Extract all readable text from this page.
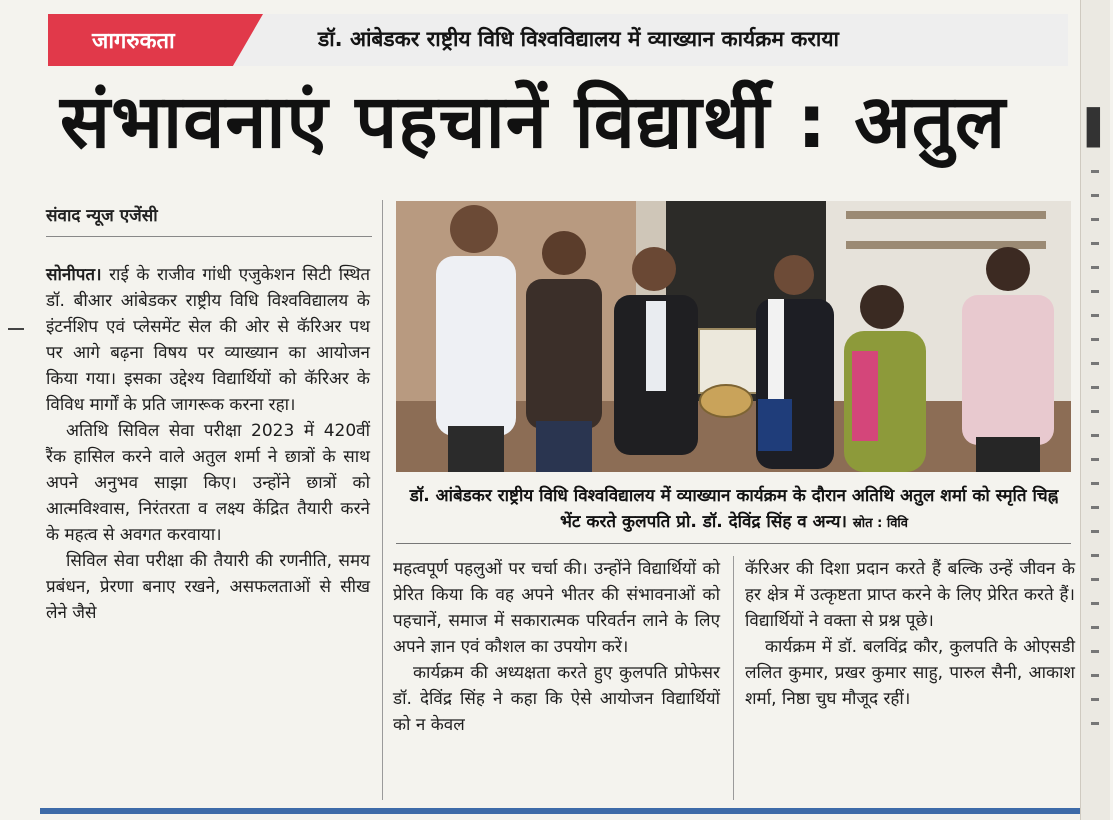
जागरुकता	डॉ. आंबेडकर राष्ट्रीय विधि विश्वविद्यालय में व्याख्यान कार्यक्रम कराया
संभावनाएं पहचानें विद्यार्थी : अतुल
संवाद न्यूज एजेंसी

सोनीपत। राई के राजीव गांधी एजुकेशन सिटी स्थित डॉ. बीआर आंबेडकर राष्ट्रीय विधि विश्वविद्यालय के इंटर्नशिप एवं प्लेसमेंट सेल की ओर से कॅरिअर पथ पर आगे बढ़ना विषय पर व्याख्यान का आयोजन किया गया। इसका उद्देश्य विद्यार्थियों को कॅरिअर के विविध मार्गों के प्रति जागरूक करना रहा।

अतिथि सिविल सेवा परीक्षा 2023 में 420वीं रैंक हासिल करने वाले अतुल शर्मा ने छात्रों के साथ अपने अनुभव साझा किए। उन्होंने छात्रों को आत्मविश्वास, निरंतरता व लक्ष्य केंद्रित तैयारी करने के महत्व से अवगत करवाया।

सिविल सेवा परीक्षा की तैयारी की रणनीति, समय प्रबंधन, प्रेरणा बनाए रखने, असफलताओं से सीख लेने जैसे

डॉ. आंबेडकर राष्ट्रीय विधि विश्वविद्यालय में व्याख्यान कार्यक्रम के दौरान अतिथि अतुल शर्मा को स्मृति चिह्न भेंट करते कुलपति प्रो. डॉ. देविंद्र सिंह व अन्य। स्रोत : विवि

महत्वपूर्ण पहलुओं पर चर्चा की। उन्होंने विद्यार्थियों को प्रेरित किया कि वह अपने भीतर की संभावनाओं को पहचानें, समाज में सकारात्मक परिवर्तन लाने के लिए अपने ज्ञान एवं कौशल का उपयोग करें।

कार्यक्रम की अध्यक्षता करते हुए कुलपति प्रोफेसर डॉ. देविंद्र सिंह ने कहा कि ऐसे आयोजन विद्यार्थियों को न केवल

कॅरिअर की दिशा प्रदान करते हैं बल्कि उन्हें जीवन के हर क्षेत्र में उत्कृष्टता प्राप्त करने के लिए प्रेरित करते हैं। विद्यार्थियों ने वक्ता से प्रश्न पूछे।

कार्यक्रम में डॉ. बलविंद्र कौर, कुलपति के ओएसडी ललित कुमार, प्रखर कुमार साहु, पारुल सैनी, आकाश शर्मा, निष्ठा चुघ मौजूद रहीं।

▌
